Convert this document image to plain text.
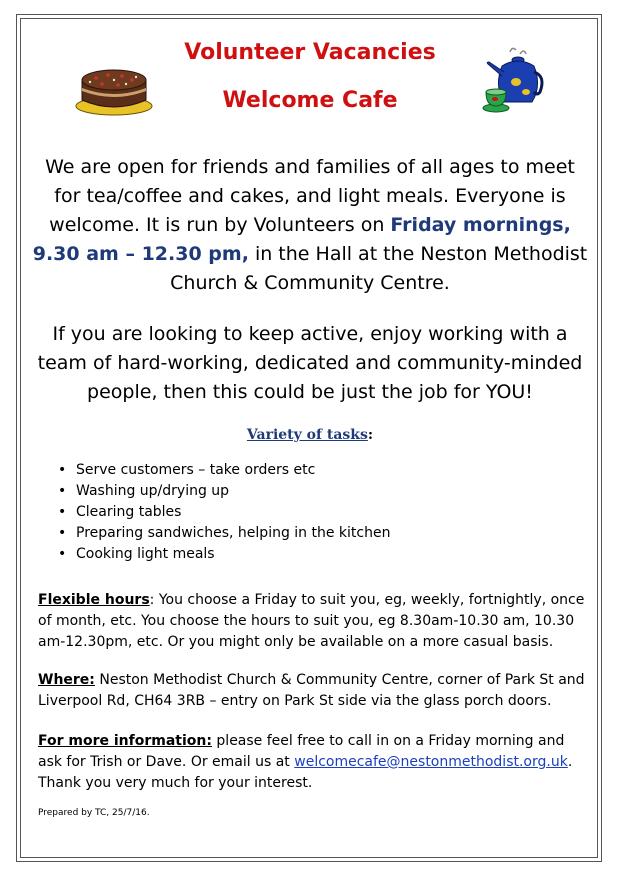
Volunteer Vacancies
Welcome Cafe
We are open for friends and families of all ages to meet for tea/coffee and cakes, and light meals. Everyone is welcome. It is run by Volunteers on Friday mornings, 9.30 am – 12.30 pm, in the Hall at the Neston Methodist Church & Community Centre.
If you are looking to keep active, enjoy working with a team of hard-working, dedicated and community-minded people, then this could be just the job for YOU!
Variety of tasks:
• Serve customers – take orders etc
• Washing up/drying up
• Clearing tables
• Preparing sandwiches, helping in the kitchen
• Cooking light meals
Flexible hours: You choose a Friday to suit you, eg, weekly, fortnightly, once of month, etc. You choose the hours to suit you, eg 8.30am-10.30 am, 10.30 am-12.30pm, etc. Or you might only be available on a more casual basis.
Where: Neston Methodist Church & Community Centre, corner of Park St and Liverpool Rd, CH64 3RB – entry on Park St side via the glass porch doors.
For more information: please feel free to call in on a Friday morning and ask for Trish or Dave. Or email us at welcomecafe@nestonmethodist.org.uk.
Thank you very much for your interest.
Prepared by TC, 25/7/16.
